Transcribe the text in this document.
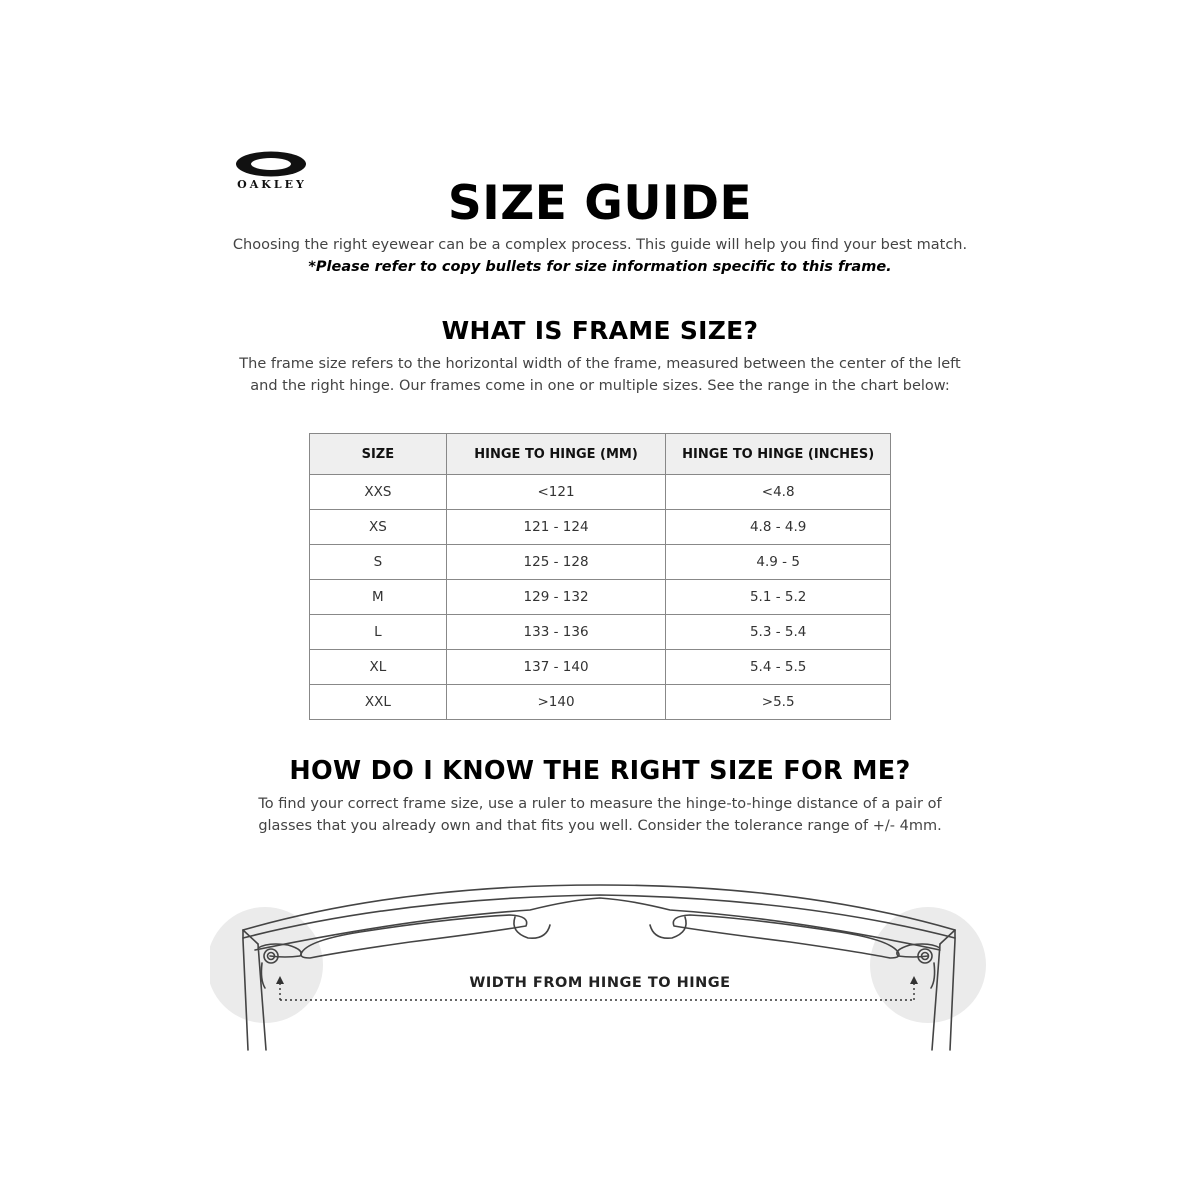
OAKLEY	SIZE GUIDE
Choosing the right eyewear can be a complex process. This guide will help you find your best match.
*Please refer to copy bullets for size information specific to this frame.
WHAT IS FRAME SIZE?
The frame size refers to the horizontal width of the frame, measured between the center of the left
and the right hinge. Our frames come in one or multiple sizes. See the range in the chart below:
SIZE	HINGE TO HINGE (MM)	HINGE TO HINGE (INCHES)
XXS	<121	<4.8
XS	121 - 124	4.8 - 4.9
S	125 - 128	4.9 - 5
M	129 - 132	5.1 - 5.2
L	133 - 136	5.3 - 5.4
XL	137 - 140	5.4 - 5.5
XXL	>140	>5.5
HOW DO I KNOW THE RIGHT SIZE FOR ME?
To find your correct frame size, use a ruler to measure the hinge-to-hinge distance of a pair of
glasses that you already own and that fits you well. Consider the tolerance range of +/- 4mm.
WIDTH FROM HINGE TO HINGE
